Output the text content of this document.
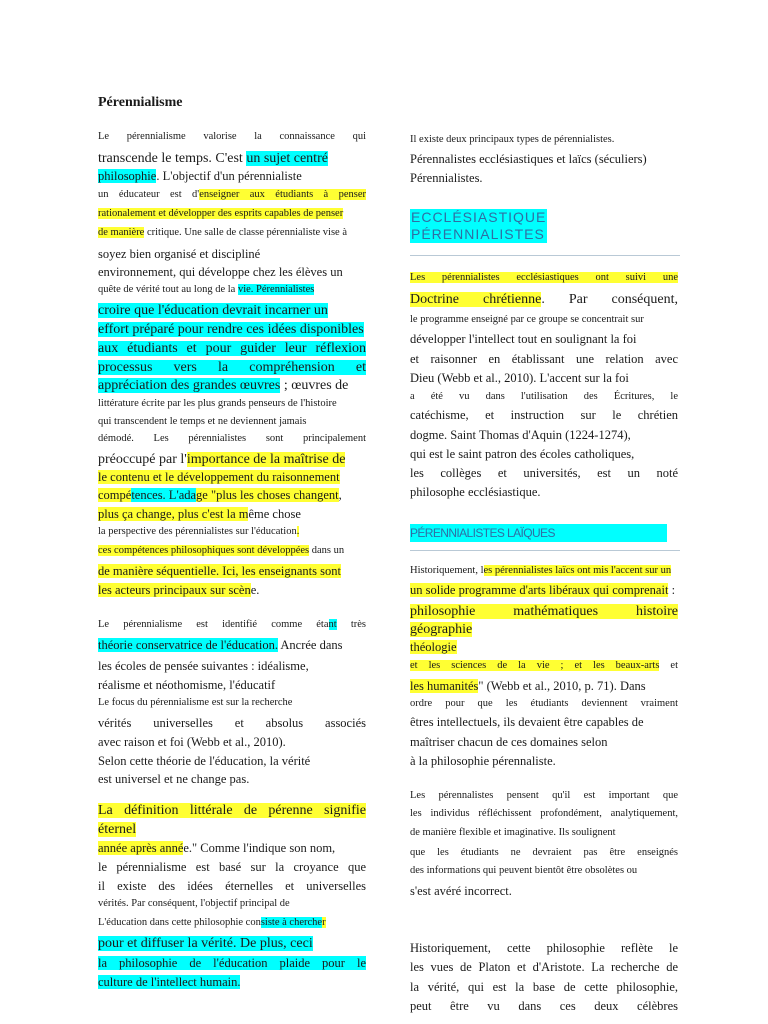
Pérennialisme
Le pérennialisme valorise la connaissance qui
transcende le temps. C'est un sujet centré
philosophie. L'objectif d'un pérennialiste
un éducateur est d'enseigner aux étudiants à penser
rationalement et développer des esprits capables de penser
de manière critique. Une salle de classe pérennialiste vise à
soyez bien organisé et discipliné
environnement, qui développe chez les élèves un
quête de vérité tout au long de la vie. Pérennialistes
croire que l'éducation devrait incarner un
effort préparé pour rendre ces idées disponibles
aux étudiants et pour guider leur réflexion
processus vers la compréhension et
appréciation des grandes œuvres ; œuvres de
littérature écrite par les plus grands penseurs de l'histoire
qui transcendent le temps et ne deviennent jamais
démodé. Les pérennialistes sont principalement
préoccupé par l'importance de la maîtrise de
le contenu et le développement du raisonnement
compétences. L'adage "plus les choses changent,
plus ça change, plus c'est la même chose
la perspective des pérennialistes sur l'éducation.
ces compétences philosophiques sont développées dans un
de manière séquentielle. Ici, les enseignants sont
les acteurs principaux sur scène.
Le pérennialisme est identifié comme étant très
théorie conservatrice de l'éducation. Ancrée dans
les écoles de pensée suivantes : idéalisme,
réalisme et néothomisme, l'éducatif
Le focus du pérennialisme est sur la recherche
vérités universelles et absolus associés
avec raison et foi (Webb et al., 2010).
Selon cette théorie de l'éducation, la vérité
est universel et ne change pas.
La définition littérale de pérenne signifie
éternel
année après année." Comme l'indique son nom,
le pérennialisme est basé sur la croyance que
il existe des idées éternelles et universelles
vérités. Par conséquent, l'objectif principal de
L'éducation dans cette philosophie consiste à chercher
pour et diffuser la vérité. De plus, ceci
la philosophie de l'éducation plaide pour le
culture de l'intellect humain.
Il existe deux principaux types de pérennialistes.
Pérennalistes ecclésiastiques et laïcs (séculiers)
Pérennialistes.
Les pérennialistes ecclésiastiques ont suivi une
Doctrine chrétienne. Par conséquent,
le programme enseigné par ce groupe se concentrait sur
développer l'intellect tout en soulignant la foi
et raisonner en établissant une relation avec
Dieu (Webb et al., 2010). L'accent sur la foi
a été vu dans l'utilisation des Écritures, le
catéchisme, et instruction sur le chrétien
dogme. Saint Thomas d'Aquin (1224-1274),
qui est le saint patron des écoles catholiques,
les collèges et universités, est un noté
philosophe ecclésiastique.
Historiquement, les pérennialistes laïcs ont mis l'accent sur un
un solide programme d'arts libéraux qui comprenait :
philosophie mathématiques histoire
géographie
théologie
et les sciences de la vie ; et les beaux-arts et
les humanités" (Webb et al., 2010, p. 71). Dans
ordre pour que les étudiants deviennent vraiment
êtres intellectuels, ils devaient être capables de
maîtriser chacun de ces domaines selon
à la philosophie pérennaliste.
Les pérennalistes pensent qu'il est important que
les individus réfléchissent profondément, analytiquement,
de manière flexible et imaginative. Ils soulignent
que les étudiants ne devraient pas être enseignés
des informations qui peuvent bientôt être obsolètes ou
s'est avéré incorrect.
Historiquement, cette philosophie reflète le
les vues de Platon et d'Aristote. La recherche de
la vérité, qui est la base de cette philosophie,
peut être vu dans ces deux célèbres
ECCLÉSIASTIQUE
PÉRENNIALISTES
PÉRENNIALISTES LAÏQUES
